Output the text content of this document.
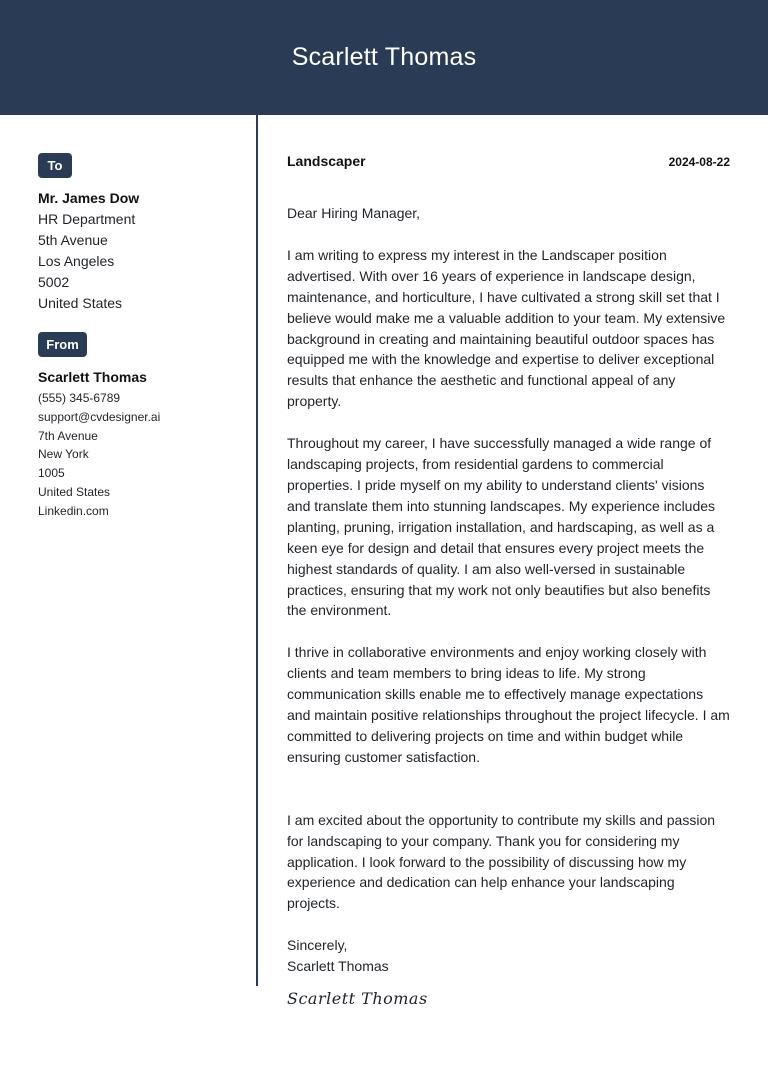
Scarlett Thomas
To
Mr. James Dow
HR Department
5th Avenue
Los Angeles
5002
United States
From
Scarlett Thomas
(555) 345-6789
support@cvdesigner.ai
7th Avenue
New York
1005
United States
Linkedin.com
Landscaper	2024-08-22
Dear Hiring Manager,
I am writing to express my interest in the Landscaper position advertised. With over 16 years of experience in landscape design, maintenance, and horticulture, I have cultivated a strong skill set that I believe would make me a valuable addition to your team. My extensive background in creating and maintaining beautiful outdoor spaces has equipped me with the knowledge and expertise to deliver exceptional results that enhance the aesthetic and functional appeal of any property.
Throughout my career, I have successfully managed a wide range of landscaping projects, from residential gardens to commercial properties. I pride myself on my ability to understand clients' visions and translate them into stunning landscapes. My experience includes planting, pruning, irrigation installation, and hardscaping, as well as a keen eye for design and detail that ensures every project meets the highest standards of quality. I am also well-versed in sustainable practices, ensuring that my work not only beautifies but also benefits the environment.
I thrive in collaborative environments and enjoy working closely with clients and team members to bring ideas to life. My strong communication skills enable me to effectively manage expectations and maintain positive relationships throughout the project lifecycle. I am committed to delivering projects on time and within budget while ensuring customer satisfaction.
I am excited about the opportunity to contribute my skills and passion for landscaping to your company. Thank you for considering my application. I look forward to the possibility of discussing how my experience and dedication can help enhance your landscaping projects.
Sincerely,
Scarlett Thomas
Scarlett Thomas
